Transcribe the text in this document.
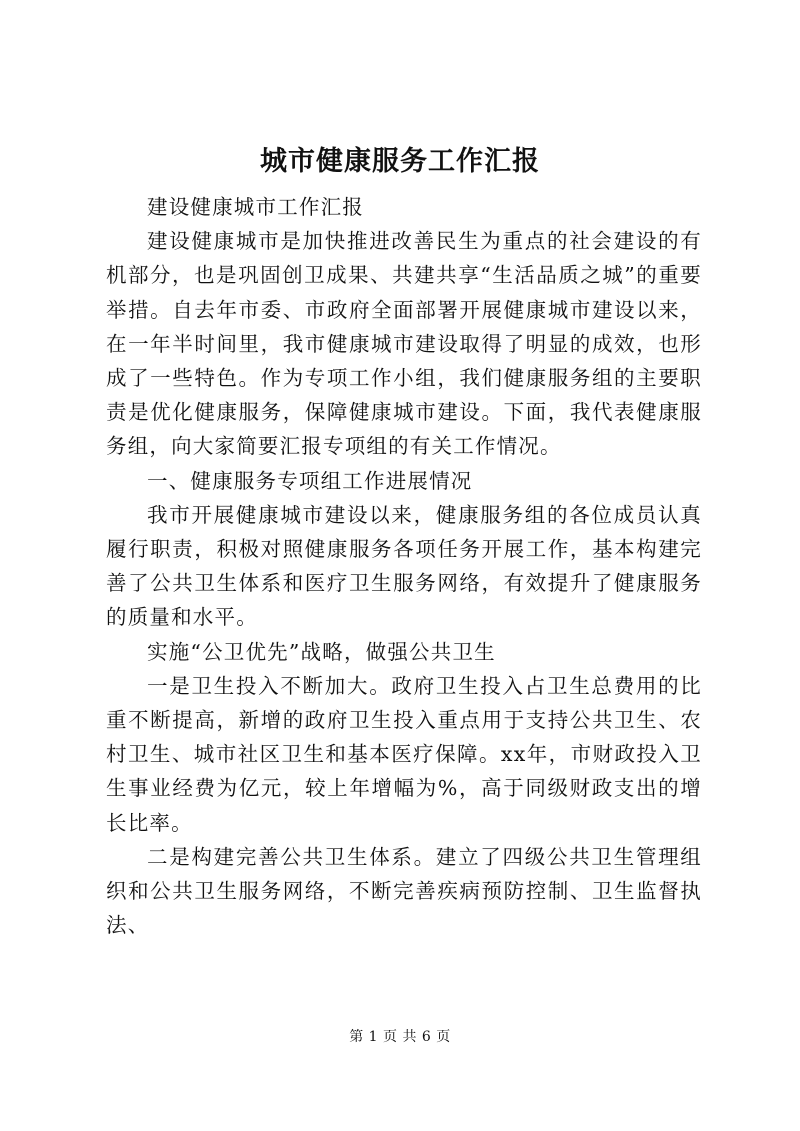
城市健康服务工作汇报

建设健康城市工作汇报

建设健康城市是加快推进改善民生为重点的社会建设的有机部分，也是巩固创卫成果、共建共享“生活品质之城”的重要举措。自去年市委、市政府全面部署开展健康城市建设以来，在一年半时间里，我市健康城市建设取得了明显的成效，也形成了一些特色。作为专项工作小组，我们健康服务组的主要职责是优化健康服务，保障健康城市建设。下面，我代表健康服务组，向大家简要汇报专项组的有关工作情况。

一、健康服务专项组工作进展情况

我市开展健康城市建设以来，健康服务组的各位成员认真履行职责，积极对照健康服务各项任务开展工作，基本构建完善了公共卫生体系和医疗卫生服务网络，有效提升了健康服务的质量和水平。

实施“公卫优先”战略，做强公共卫生

一是卫生投入不断加大。政府卫生投入占卫生总费用的比重不断提高，新增的政府卫生投入重点用于支持公共卫生、农村卫生、城市社区卫生和基本医疗保障。xx年，市财政投入卫生事业经费为亿元，较上年增幅为%，高于同级财政支出的增长比率。

二是构建完善公共卫生体系。建立了四级公共卫生管理组织和公共卫生服务网络，不断完善疾病预防控制、卫生监督执法、

第 1 页 共 6 页
